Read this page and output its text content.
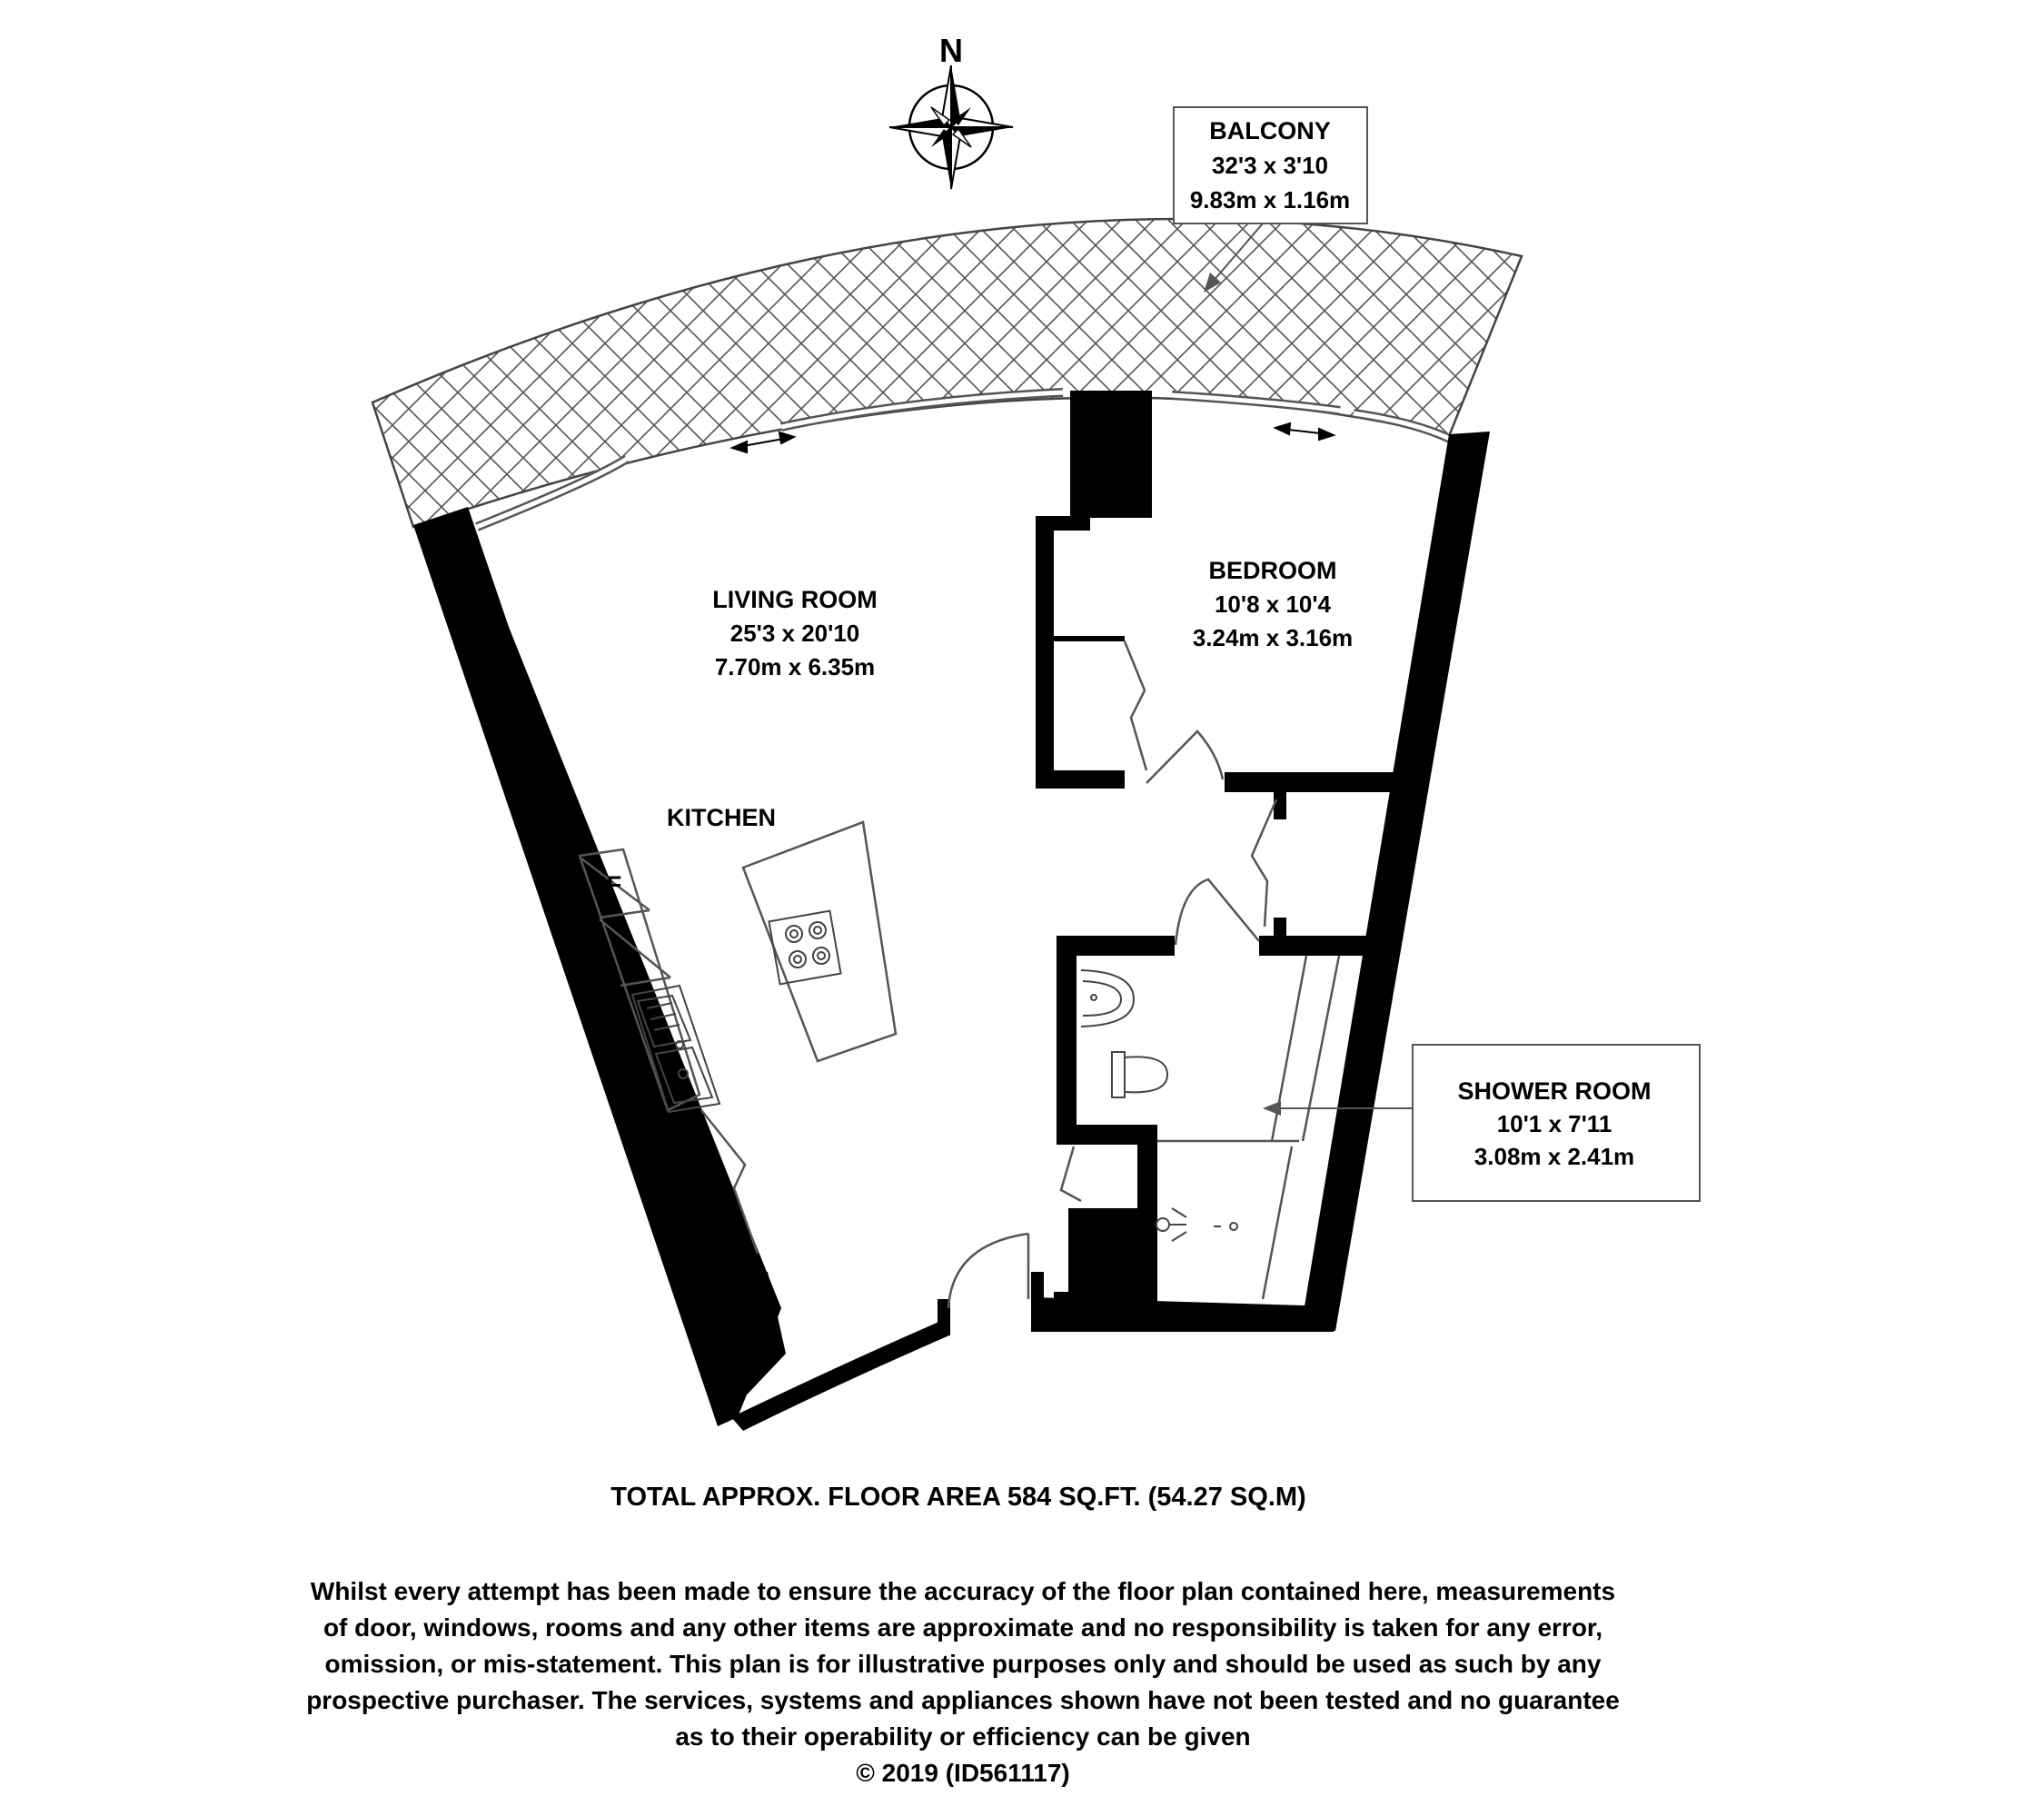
N
BALCONY
32'3 x 3'10
9.83m x 1.16m
F
SHOWER ROOM
10'1 x 7'11
3.08m x 2.41m
LIVING ROOM
25'3 x 20'10
7.70m x 6.35m
BEDROOM
10'8 x 10'4
3.24m x 3.16m
KITCHEN
TOTAL APPROX. FLOOR AREA 584 SQ.FT. (54.27 SQ.M)
Whilst every attempt has been made to ensure the accuracy of the floor plan contained here, measurements
of door, windows, rooms and any other items are approximate and no responsibility is taken for any error,
omission, or mis-statement. This plan is for illustrative purposes only and should be used as such by any
prospective purchaser. The services, systems and appliances shown have not been tested and no guarantee
as to their operability or efficiency can be given
© 2019 (ID561117)
